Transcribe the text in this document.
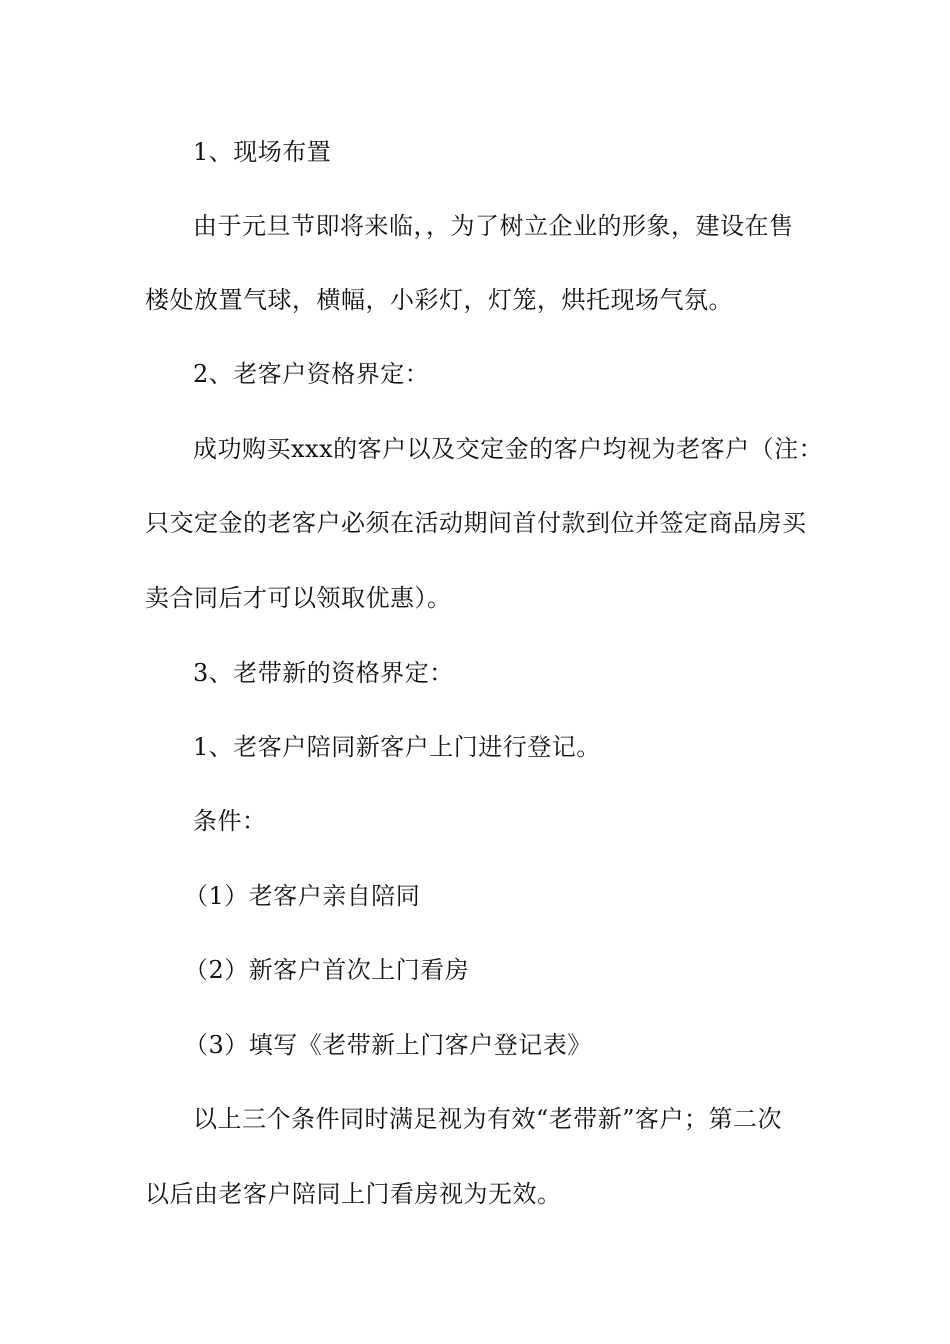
1、现场布置
由于元旦节即将来临，，为了树立企业的形象，建设在售
楼处放置气球，横幅，小彩灯，灯笼，烘托现场气氛。
2、老客户资格界定：
成功购买xxx的客户以及交定金的客户均视为老客户（注：
只交定金的老客户必须在活动期间首付款到位并签定商品房买
卖合同后才可以领取优惠）。
3、老带新的资格界定：
1、老客户陪同新客户上门进行登记。
条件：
（1）老客户亲自陪同
（2）新客户首次上门看房
（3）填写《老带新上门客户登记表》
以上三个条件同时满足视为有效“老带新”客户；第二次
以后由老客户陪同上门看房视为无效。
